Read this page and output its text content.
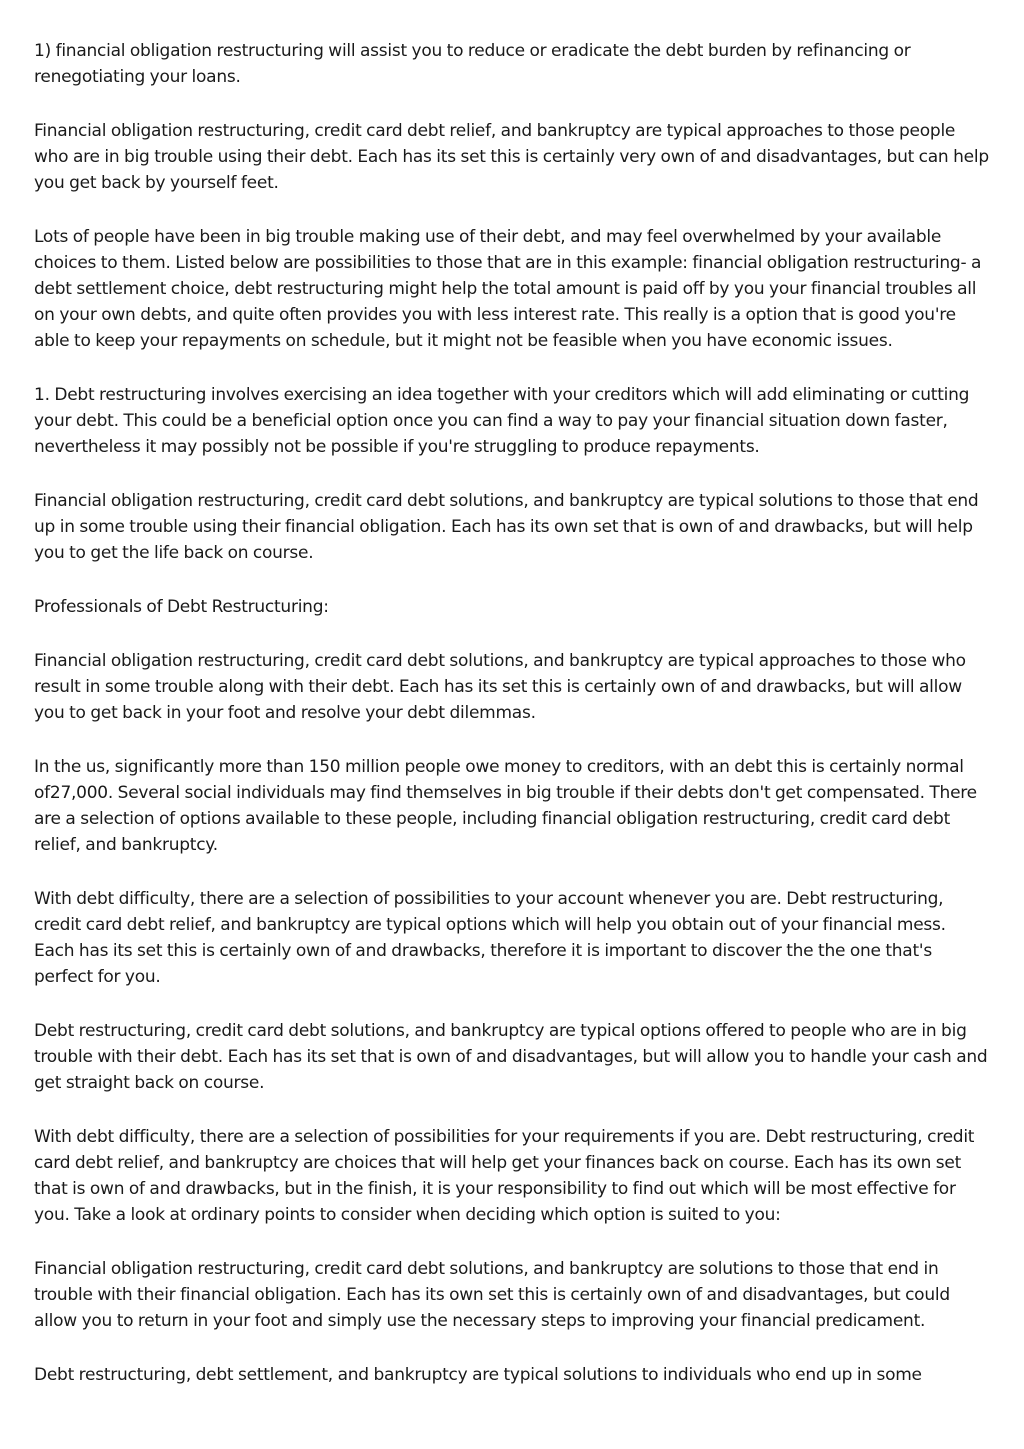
1) financial obligation restructuring will assist you to reduce or eradicate the debt burden by refinancing or renegotiating your loans.

Financial obligation restructuring, credit card debt relief, and bankruptcy are typical approaches to those people who are in big trouble using their debt. Each has its set this is certainly very own of and disadvantages, but can help you get back by yourself feet.

Lots of people have been in big trouble making use of their debt, and may feel overwhelmed by your available choices to them. Listed below are possibilities to those that are in this example: financial obligation restructuring- a debt settlement choice, debt restructuring might help the total amount is paid off by you your financial troubles all on your own debts, and quite often provides you with less interest rate. This really is a option that is good you're able to keep your repayments on schedule, but it might not be feasible when you have economic issues.

1. Debt restructuring involves exercising an idea together with your creditors which will add eliminating or cutting your debt. This could be a beneficial option once you can find a way to pay your financial situation down faster, nevertheless it may possibly not be possible if you're struggling to produce repayments.

Financial obligation restructuring, credit card debt solutions, and bankruptcy are typical solutions to those that end up in some trouble using their financial obligation. Each has its own set that is own of and drawbacks, but will help you to get the life back on course.

Professionals of Debt Restructuring:

Financial obligation restructuring, credit card debt solutions, and bankruptcy are typical approaches to those who result in some trouble along with their debt. Each has its set this is certainly own of and drawbacks, but will allow you to get back in your foot and resolve your debt dilemmas.

In the us, significantly more than 150 million people owe money to creditors, with an debt this is certainly normal of27,000. Several social individuals may find themselves in big trouble if their debts don't get compensated. There are a selection of options available to these people, including financial obligation restructuring, credit card debt relief, and bankruptcy.

With debt difficulty, there are a selection of possibilities to your account whenever you are. Debt restructuring, credit card debt relief, and bankruptcy are typical options which will help you obtain out of your financial mess. Each has its set this is certainly own of and drawbacks, therefore it is important to discover the the one that's perfect for you.

Debt restructuring, credit card debt solutions, and bankruptcy are typical options offered to people who are in big trouble with their debt. Each has its set that is own of and disadvantages, but will allow you to handle your cash and get straight back on course.

With debt difficulty, there are a selection of possibilities for your requirements if you are. Debt restructuring, credit card debt relief, and bankruptcy are choices that will help get your finances back on course. Each has its own set that is own of and drawbacks, but in the finish, it is your responsibility to find out which will be most effective for you. Take a look at ordinary points to consider when deciding which option is suited to you:

Financial obligation restructuring, credit card debt solutions, and bankruptcy are solutions to those that end in trouble with their financial obligation. Each has its own set this is certainly own of and disadvantages, but could allow you to return in your foot and simply use the necessary steps to improving your financial predicament.

Debt restructuring, debt settlement, and bankruptcy are typical solutions to individuals who end up in some
